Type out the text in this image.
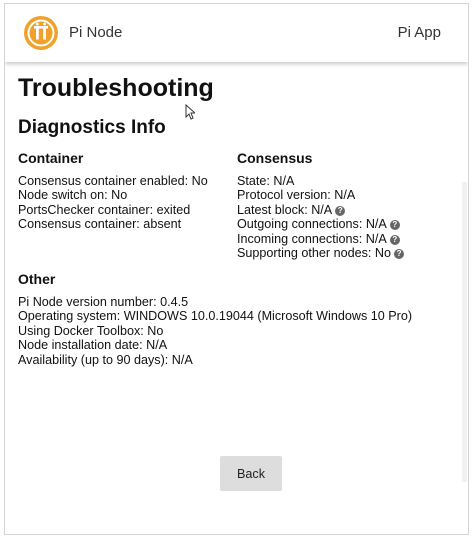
Pi Node	Pi App
Troubleshooting
Diagnostics Info
Container
Consensus container enabled: No
Node switch on: No
PortsChecker container: exited
Consensus container: absent
Consensus
State: N/A
Protocol version: N/A
Latest block: N/A ?
Outgoing connections: N/A ?
Incoming connections: N/A ?
Supporting other nodes: No ?
Other
Pi Node version number: 0.4.5
Operating system: WINDOWS 10.0.19044 (Microsoft Windows 10 Pro)
Using Docker Toolbox: No
Node installation date: N/A
Availability (up to 90 days): N/A
Back
